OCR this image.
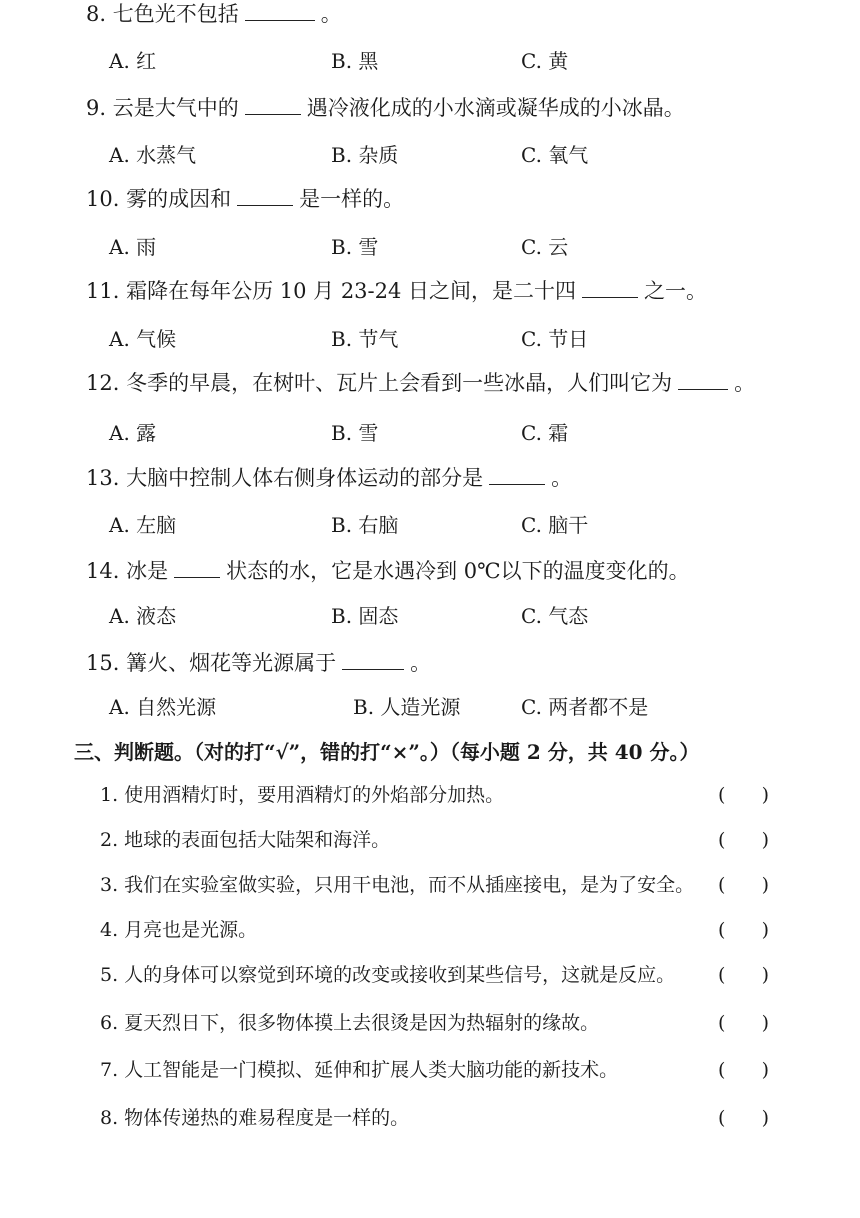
8. 七色光不包括	。
A. 红	B. 黑	C. 黄
9. 云是大气中的	遇冷液化成的小水滴或凝华成的小冰晶。
A. 水蒸气	B. 杂质	C. 氧气
10. 雾的成因和	是一样的。
A. 雨	B. 雪	C. 云
11. 霜降在每年公历 10 月 23-24 日之间，是二十四	之一。
A. 气候	B. 节气	C. 节日
12. 冬季的早晨，在树叶、瓦片上会看到一些冰晶，人们叫它为	。
A. 露	B. 雪	C. 霜
13. 大脑中控制人体右侧身体运动的部分是	。
A. 左脑	B. 右脑	C. 脑干
14. 冰是	状态的水，它是水遇冷到 0℃以下的温度变化的。
A. 液态	B. 固态	C. 气态
15. 篝火、烟花等光源属于	。
A. 自然光源	B. 人造光源	C. 两者都不是
三、判断题。（对的打“√”，错的打“×”。）（每小题 2 分，共 40 分。）
1. 使用酒精灯时，要用酒精灯的外焰部分加热。	(      )
2. 地球的表面包括大陆架和海洋。	(      )
3. 我们在实验室做实验，只用干电池，而不从插座接电，是为了安全。 (      )
4. 月亮也是光源。	(      )
5. 人的身体可以察觉到环境的改变或接收到某些信号，这就是反应。 (      )
6. 夏天烈日下，很多物体摸上去很烫是因为热辐射的缘故。	(      )
7. 人工智能是一门模拟、延伸和扩展人类大脑功能的新技术。	(      )
8. 物体传递热的难易程度是一样的。	(      )
